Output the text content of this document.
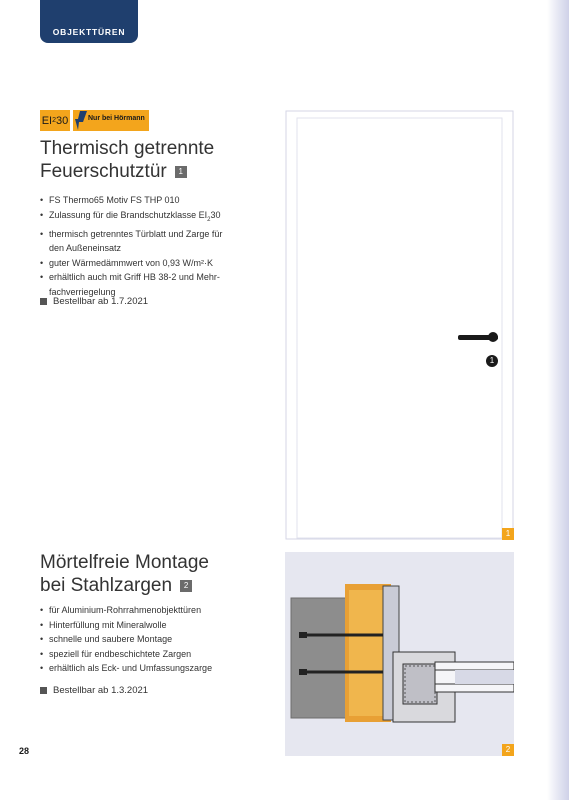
OBJEKTTÜREN
EI 2 30	Nur bei Hörmann
Thermisch getrennte
Feuerschutztür 1
• FS Thermo65 Motiv FS THP 010
• Zulassung für die Brandschutzklasse $EI_230$
• thermisch getrenntes Türblatt und Zarge für
den Außeneinsatz
• guter Wärmedämmwert von 0,93 W/m²·K
• erhältlich auch mit Griff HB 38-2 und Mehr-
fachverriegelung
Bestellbar ab 1.7.2021
1
1
Mörtelfreie Montage
bei Stahlzargen 2
• für Aluminium-Rohrrahmenobjekttüren
• Hinterfüllung mit Mineralwolle
• schnelle und saubere Montage
• speziell für endbeschichtete Zargen
• erhältlich als Eck- und Umfassungszarge
Bestellbar ab 1.3.2021
2
28
